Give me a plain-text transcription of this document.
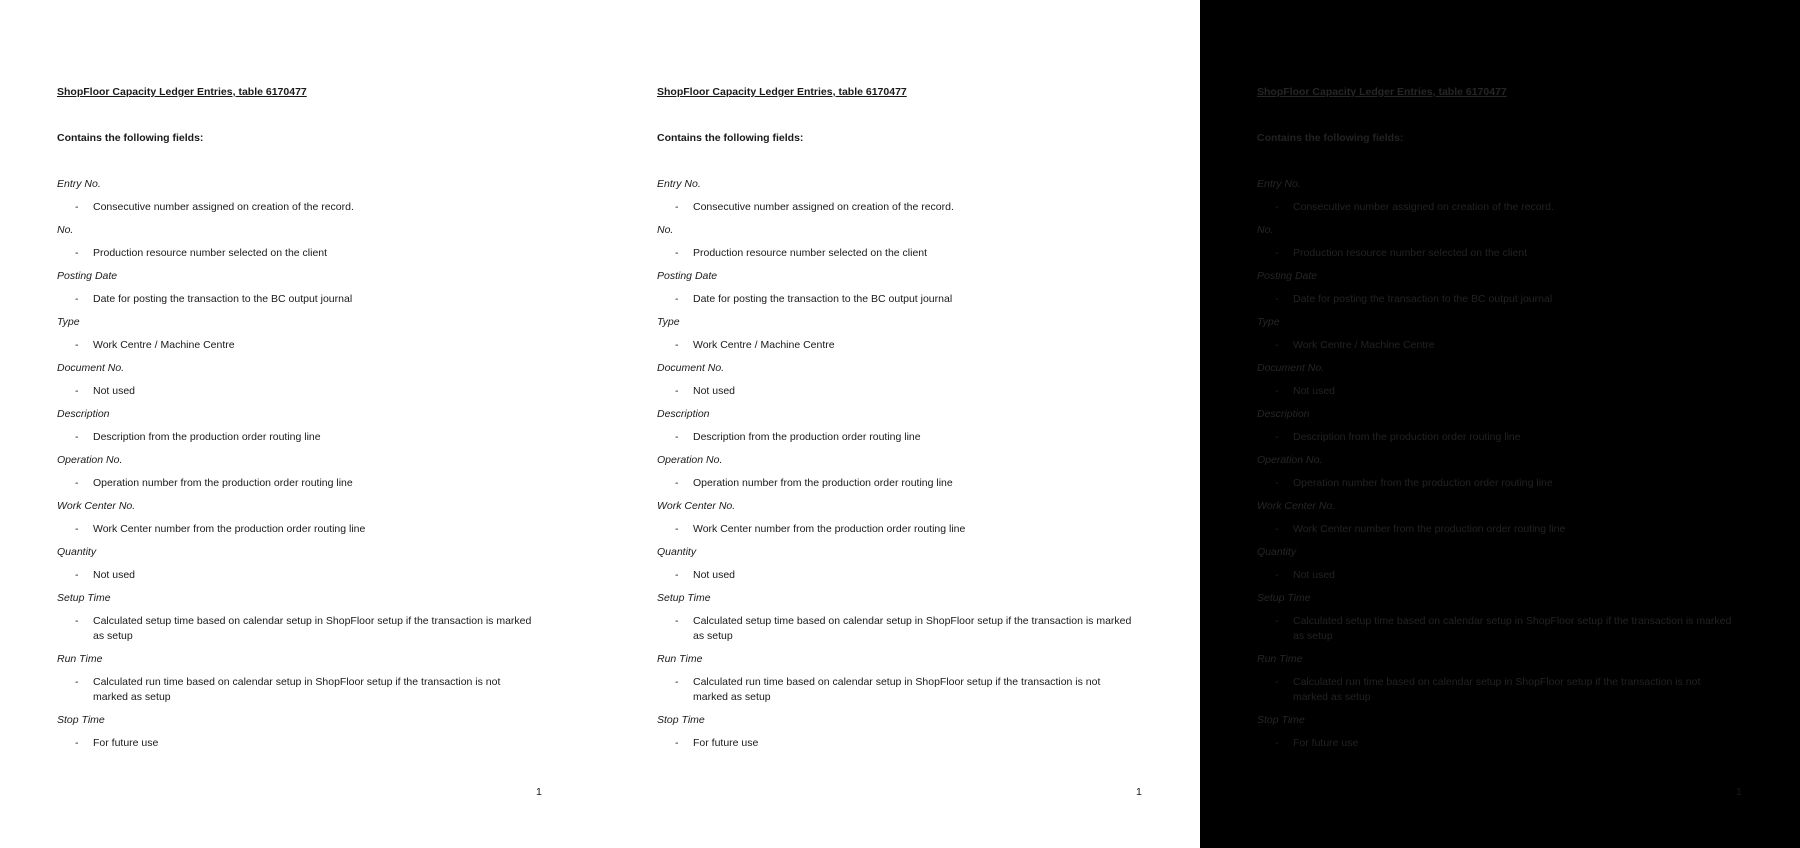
ShopFloor Capacity Ledger Entries, table 6170477
Contains the following fields:
Entry No.
- Consecutive number assigned on creation of the record.
No.
- Production resource number selected on the client
Posting Date
- Date for posting the transaction to the BC output journal
Type
- Work Centre / Machine Centre
Document No.
- Not used
Description
- Description from the production order routing line
Operation No.
- Operation number from the production order routing line
Work Center No.
- Work Center number from the production order routing line
Quantity
- Not used
Setup Time
- Calculated setup time based on calendar setup in ShopFloor setup if the transaction is marked as setup
Run Time
- Calculated run time based on calendar setup in ShopFloor setup if the transaction is not marked as setup
Stop Time
- For future use
1
ShopFloor Capacity Ledger Entries, table 6170477
Contains the following fields:
Entry No.
- Consecutive number assigned on creation of the record.
No.
- Production resource number selected on the client
Posting Date
- Date for posting the transaction to the BC output journal
Type
- Work Centre / Machine Centre
Document No.
- Not used
Description
- Description from the production order routing line
Operation No.
- Operation number from the production order routing line
Work Center No.
- Work Center number from the production order routing line
Quantity
- Not used
Setup Time
- Calculated setup time based on calendar setup in ShopFloor setup if the transaction is marked as setup
Run Time
- Calculated run time based on calendar setup in ShopFloor setup if the transaction is not marked as setup
Stop Time
- For future use
1
ShopFloor Capacity Ledger Entries, table 6170477
Contains the following fields:
Entry No.
- Consecutive number assigned on creation of the record.
No.
- Production resource number selected on the client
Posting Date
- Date for posting the transaction to the BC output journal
Type
- Work Centre / Machine Centre
Document No.
- Not used
Description
- Description from the production order routing line
Operation No.
- Operation number from the production order routing line
Work Center No.
- Work Center number from the production order routing line
Quantity
- Not used
Setup Time
- Calculated setup time based on calendar setup in ShopFloor setup if the transaction is marked as setup
Run Time
- Calculated run time based on calendar setup in ShopFloor setup if the transaction is not marked as setup
Stop Time
- For future use
1
